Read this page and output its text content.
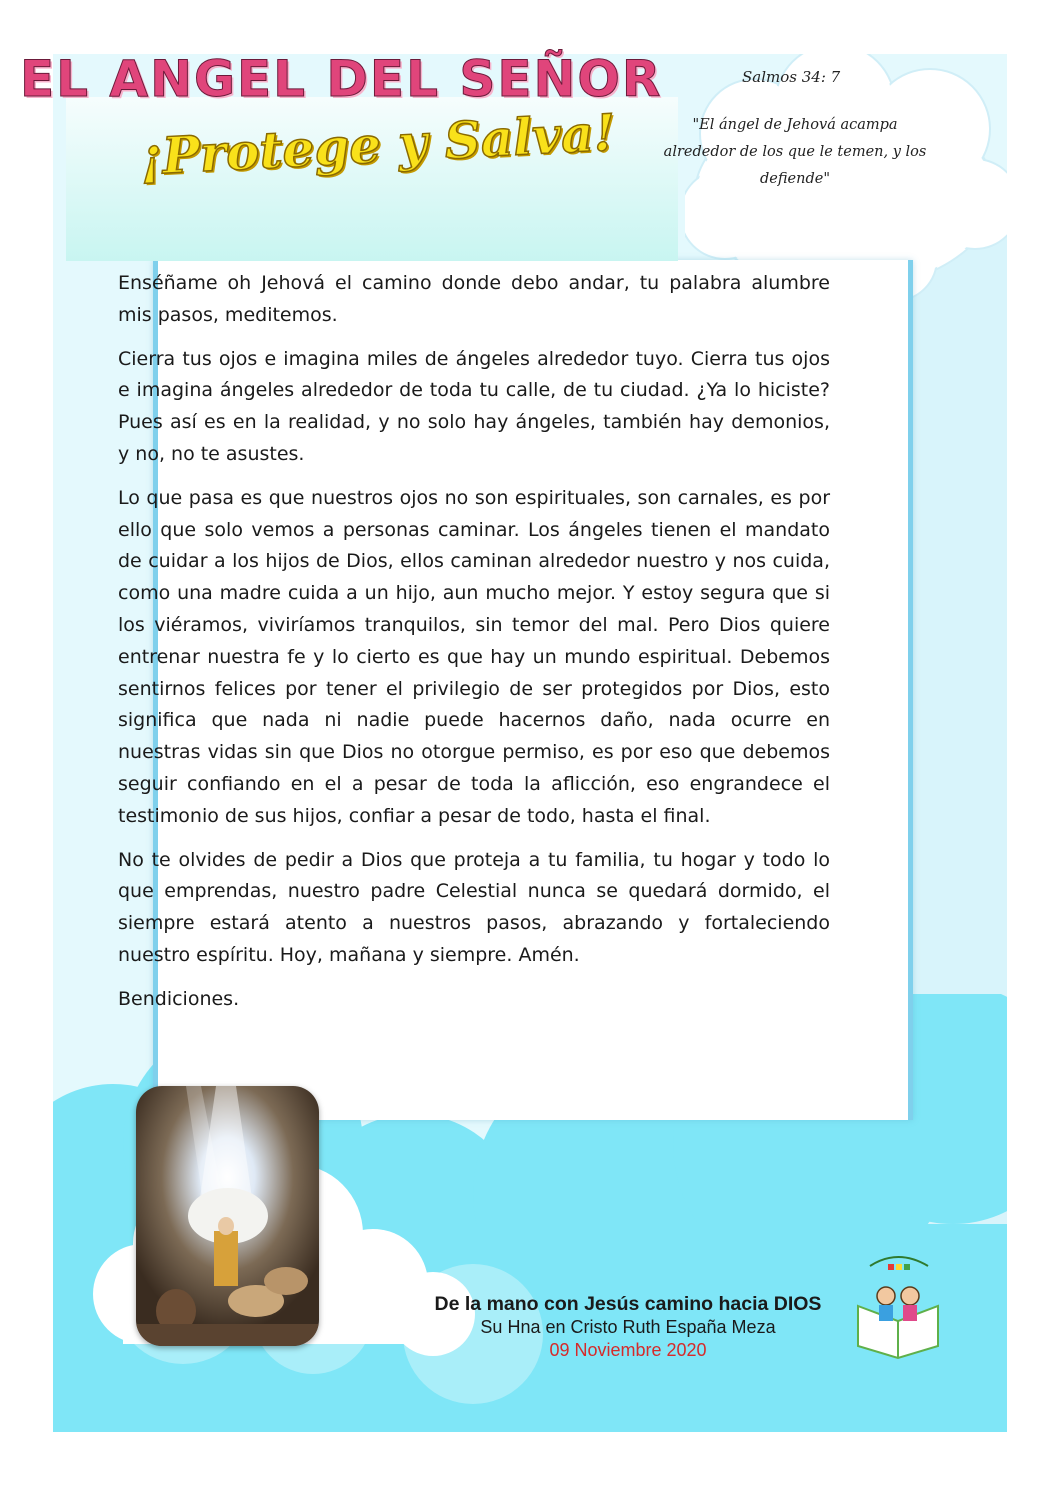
EL ANGEL DEL SEÑOR
¡Protege y Salva!
Salmos 34: 7
"El ángel de Jehová acampa alrededor de los que le temen, y los defiende"

Enséñame oh Jehová el camino donde debo andar, tu palabra alumbre mis pasos, meditemos.

Cierra tus ojos e imagina miles de ángeles alrededor tuyo. Cierra tus ojos e imagina ángeles alrededor de toda tu calle, de tu ciudad. ¿Ya lo hiciste? Pues así es en la realidad, y no solo hay ángeles, también hay demonios, y no, no te asustes.

Lo que pasa es que nuestros ojos no son espirituales, son carnales, es por ello que solo vemos a personas caminar. Los ángeles tienen el mandato de cuidar a los hijos de Dios, ellos caminan alrededor nuestro y nos cuida, como una madre cuida a un hijo, aun mucho mejor. Y estoy segura que si los viéramos, viviríamos tranquilos, sin temor del mal. Pero Dios quiere entrenar nuestra fe y lo cierto es que hay un mundo espiritual. Debemos sentirnos felices por tener el privilegio de ser protegidos por Dios, esto significa que nada ni nadie puede hacernos daño, nada ocurre en nuestras vidas sin que Dios no otorgue permiso, es por eso que debemos seguir confiando en el a pesar de toda la aflicción, eso engrandece el testimonio de sus hijos, confiar a pesar de todo, hasta el final.

No te olvides de pedir a Dios que proteja a tu familia, tu hogar y todo lo que emprendas, nuestro padre Celestial nunca se quedará dormido, el siempre estará atento a nuestros pasos, abrazando y fortaleciendo nuestro espíritu. Hoy, mañana y siempre. Amén.

Bendiciones.

De la mano con Jesús camino hacia DIOS
Su Hna en Cristo Ruth España Meza
09 Noviembre 2020
